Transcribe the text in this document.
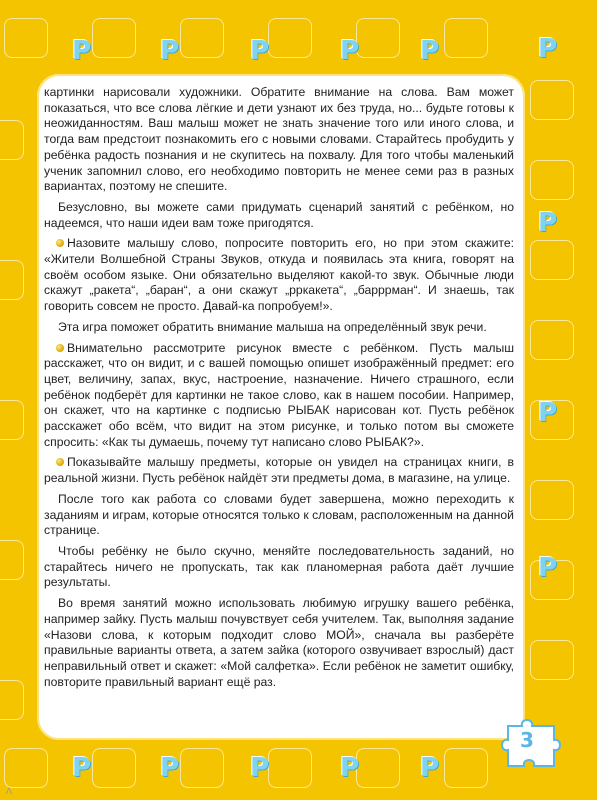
Р	Р	Р	Р Р	Р
Р
Р
Р
Р	Р	Р	Р Р

картинки нарисовали художники. Обратите внимание на слова. Вам может показаться, что все слова лёгкие и дети узнают их без труда, но... будьте готовы к неожиданностям. Ваш малыш может не знать значение того или иного слова, и тогда вам предстоит познакомить его с новыми словами. Старайтесь пробудить у ребёнка радость познания и не скупитесь на похвалу. Для того чтобы маленький ученик запомнил слово, его необходимо повторить не менее семи раз в разных вариантах, поэтому не спешите.

Безусловно, вы можете сами придумать сценарий занятий с ребёнком, но надеемся, что наши идеи вам тоже пригодятся.

Назовите малышу слово, попросите повторить его, но при этом скажите: «Жители Волшебной Страны Звуков, откуда и появилась эта книга, говорят на своём особом языке. Они обязательно выделяют какой-то звук. Обычные люди скажут „ракета“, „баран“, а они скажут „рркакета“, „барррман“. И знаешь, так говорить совсем не просто. Давай-ка попробуем!».

Эта игра поможет обратить внимание малыша на определённый звук речи.

Внимательно рассмотрите рисунок вместе с ребёнком. Пусть малыш расскажет, что он видит, и с вашей помощью опишет изображённый предмет: его цвет, величину, запах, вкус, настроение, назначение. Ничего страшного, если ребёнок подберёт для картинки не такое слово, как в нашем пособии. Например, он скажет, что на картинке с подписью РЫБАК нарисован кот. Пусть ребёнок расскажет обо всём, что видит на этом рисунке, и только потом вы сможете спросить: «Как ты думаешь, почему тут написано слово РЫБАК?».

Показывайте малышу предметы, которые он увидел на страницах книги, в реальной жизни. Пусть ребёнок найдёт эти предметы дома, в магазине, на улице.

После того как работа со словами будет завершена, можно переходить к заданиям и играм, которые относятся только к словам, расположенным на данной странице.

Чтобы ребёнку не было скучно, меняйте последовательность заданий, но старайтесь ничего не пропускать, так как планомерная работа даёт лучшие результаты.

Во время занятий можно использовать любимую игрушку вашего ребёнка, например зайку. Пусть малыш почувствует себя учителем. Так, выполняя задание «Назови слова, к которым подходит слово МОЙ», сначала вы разберёте правильные варианты ответа, а затем зайка (которого озвучивает взрослый) даст неправильный ответ и скажет: «Мой салфетка». Если ребёнок не заметит ошибку, повторите правильный вариант ещё раз.

3
Λ
